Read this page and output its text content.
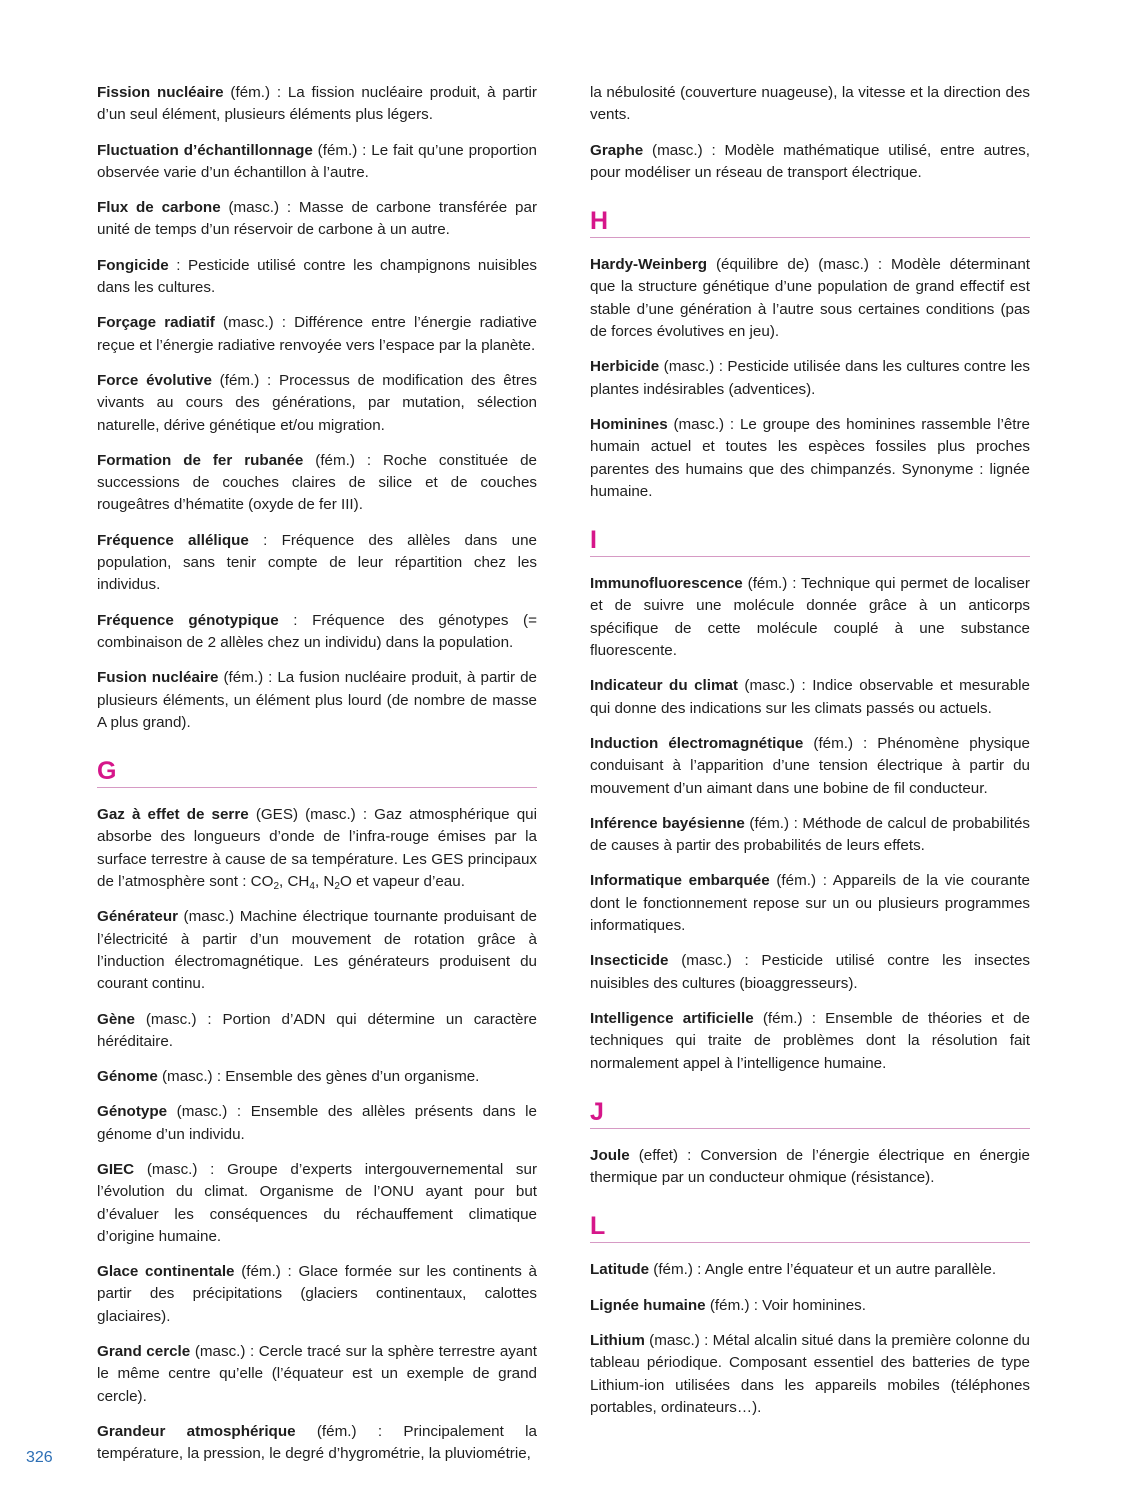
Fission nucléaire (fém.) : La fission nucléaire produit, à partir d’un seul élément, plusieurs éléments plus légers.

Fluctuation d’échantillonnage (fém.) : Le fait qu’une proportion observée varie d’un échantillon à l’autre.

Flux de carbone (masc.) : Masse de carbone transférée par unité de temps d’un réservoir de carbone à un autre.

Fongicide : Pesticide utilisé contre les champignons nuisibles dans les cultures.

Forçage radiatif (masc.) : Différence entre l’énergie radiative reçue et l’énergie radiative renvoyée vers l’espace par la planète.

Force évolutive (fém.) : Processus de modification des êtres vivants au cours des générations, par mutation, sélection naturelle, dérive génétique et/ou migration.

Formation de fer rubanée (fém.) : Roche constituée de successions de couches claires de silice et de couches rougeâtres d’hématite (oxyde de fer III).

Fréquence allélique : Fréquence des allèles dans une population, sans tenir compte de leur répartition chez les individus.

Fréquence génotypique : Fréquence des génotypes (= combinaison de 2 allèles chez un individu) dans la population.

Fusion nucléaire (fém.) : La fusion nucléaire produit, à partir de plusieurs éléments, un élément plus lourd (de nombre de masse A plus grand).

G

Gaz à effet de serre (GES) (masc.) : Gaz atmosphérique qui absorbe des longueurs d’onde de l’infra-rouge émises par la surface terrestre à cause de sa température. Les GES principaux de l’atmosphère sont : $CO_2$, $CH_4$, $N_2O$ et vapeur d’eau.

Générateur (masc.) Machine électrique tournante produisant de l’électricité à partir d’un mouvement de rotation grâce à l’induction électromagnétique. Les générateurs produisent du courant continu.

Gène (masc.) : Portion d’ADN qui détermine un caractère héréditaire.

Génome (masc.) : Ensemble des gènes d’un organisme.

Génotype (masc.) : Ensemble des allèles présents dans le génome d’un individu.

GIEC (masc.) : Groupe d’experts intergouvernemental sur l’évolution du climat. Organisme de l’ONU ayant pour but d’évaluer les conséquences du réchauffement climatique d’origine humaine.

Glace continentale (fém.) : Glace formée sur les continents à partir des précipitations (glaciers continentaux, calottes glaciaires).

Grand cercle (masc.) : Cercle tracé sur la sphère terrestre ayant le même centre qu’elle (l’équateur est un exemple de grand cercle).

Grandeur atmosphérique (fém.) : Principalement la température, la pression, le degré d’hygrométrie, la pluviométrie,

la nébulosité (couverture nuageuse), la vitesse et la direction des vents.

Graphe (masc.) : Modèle mathématique utilisé, entre autres, pour modéliser un réseau de transport électrique.

H

Hardy-Weinberg (équilibre de) (masc.) : Modèle déterminant que la structure génétique d’une population de grand effectif est stable d’une génération à l’autre sous certaines conditions (pas de forces évolutives en jeu).

Herbicide (masc.) : Pesticide utilisée dans les cultures contre les plantes indésirables (adventices).

Hominines (masc.) : Le groupe des hominines rassemble l’être humain actuel et toutes les espèces fossiles plus proches parentes des humains que des chimpanzés. Synonyme : lignée humaine.

I

Immunofluorescence (fém.) : Technique qui permet de localiser et de suivre une molécule donnée grâce à un anticorps spécifique de cette molécule couplé à une substance fluorescente.

Indicateur du climat (masc.) : Indice observable et mesurable qui donne des indications sur les climats passés ou actuels.

Induction électromagnétique (fém.) : Phénomène physique conduisant à l’apparition d’une tension électrique à partir du mouvement d’un aimant dans une bobine de fil conducteur.

Inférence bayésienne (fém.) : Méthode de calcul de probabilités de causes à partir des probabilités de leurs effets.

Informatique embarquée (fém.) : Appareils de la vie courante dont le fonctionnement repose sur un ou plusieurs programmes informatiques.

Insecticide (masc.) : Pesticide utilisé contre les insectes nuisibles des cultures (bioaggresseurs).

Intelligence artificielle (fém.) : Ensemble de théories et de techniques qui traite de problèmes dont la résolution fait normalement appel à l’intelligence humaine.

J

Joule (effet) : Conversion de l’énergie électrique en énergie thermique par un conducteur ohmique (résistance).

L

Latitude (fém.) : Angle entre l’équateur et un autre parallèle.

Lignée humaine (fém.) : Voir hominines.

Lithium (masc.) : Métal alcalin situé dans la première colonne du tableau périodique. Composant essentiel des batteries de type Lithium-ion utilisées dans les appareils mobiles (téléphones portables, ordinateurs…).

326
